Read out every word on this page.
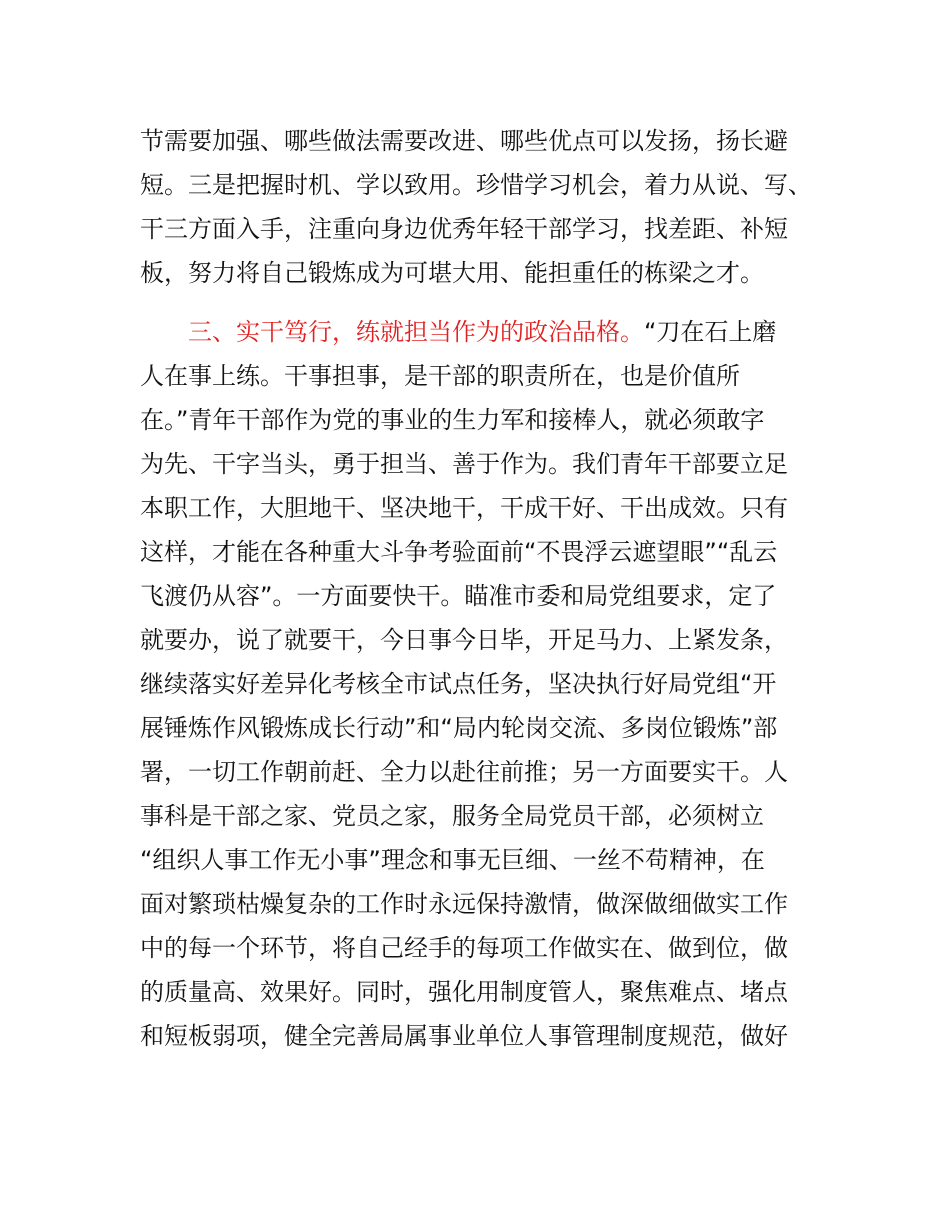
节需要加强、哪些做法需要改进、哪些优点可以发扬，扬长避
短。三是把握时机、学以致用。珍惜学习机会，着力从说、写、
干三方面入手，注重向身边优秀年轻干部学习，找差距、补短
板，努力将自己锻炼成为可堪大用、能担重任的栋梁之才。
三、实干笃行，练就担当作为的政治品格。“刀在石上磨
人在事上练。干事担事，是干部的职责所在，也是价值所
在。”青年干部作为党的事业的生力军和接棒人，就必须敢字
为先、干字当头，勇于担当、善于作为。我们青年干部要立足
本职工作，大胆地干、坚决地干，干成干好、干出成效。只有
这样，才能在各种重大斗争考验面前“不畏浮云遮望眼”“乱云
飞渡仍从容”。一方面要快干。瞄准市委和局党组要求，定了
就要办，说了就要干，今日事今日毕，开足马力、上紧发条，
继续落实好差异化考核全市试点任务，坚决执行好局党组“开
展锤炼作风锻炼成长行动”和“局内轮岗交流、多岗位锻炼”部
署，一切工作朝前赶、全力以赴往前推；另一方面要实干。人
事科是干部之家、党员之家，服务全局党员干部，必须树立
“组织人事工作无小事”理念和事无巨细、一丝不苟精神，在
面对繁琐枯燥复杂的工作时永远保持激情，做深做细做实工作
中的每一个环节，将自己经手的每项工作做实在、做到位，做
的质量高、效果好。同时，强化用制度管人，聚焦难点、堵点
和短板弱项，健全完善局属事业单位人事管理制度规范，做好
